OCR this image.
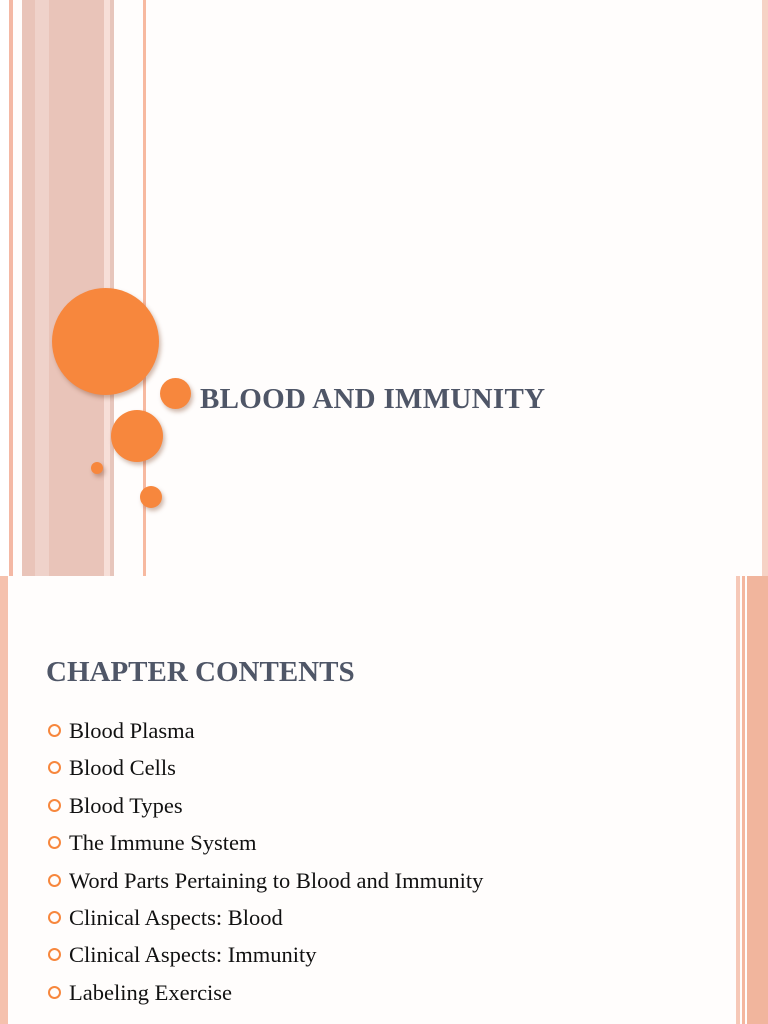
BLOOD AND IMMUNITY
CHAPTER CONTENTS
Blood Plasma
Blood Cells
Blood Types
The Immune System
Word Parts Pertaining to Blood and Immunity
Clinical Aspects: Blood
Clinical Aspects: Immunity
Labeling Exercise
